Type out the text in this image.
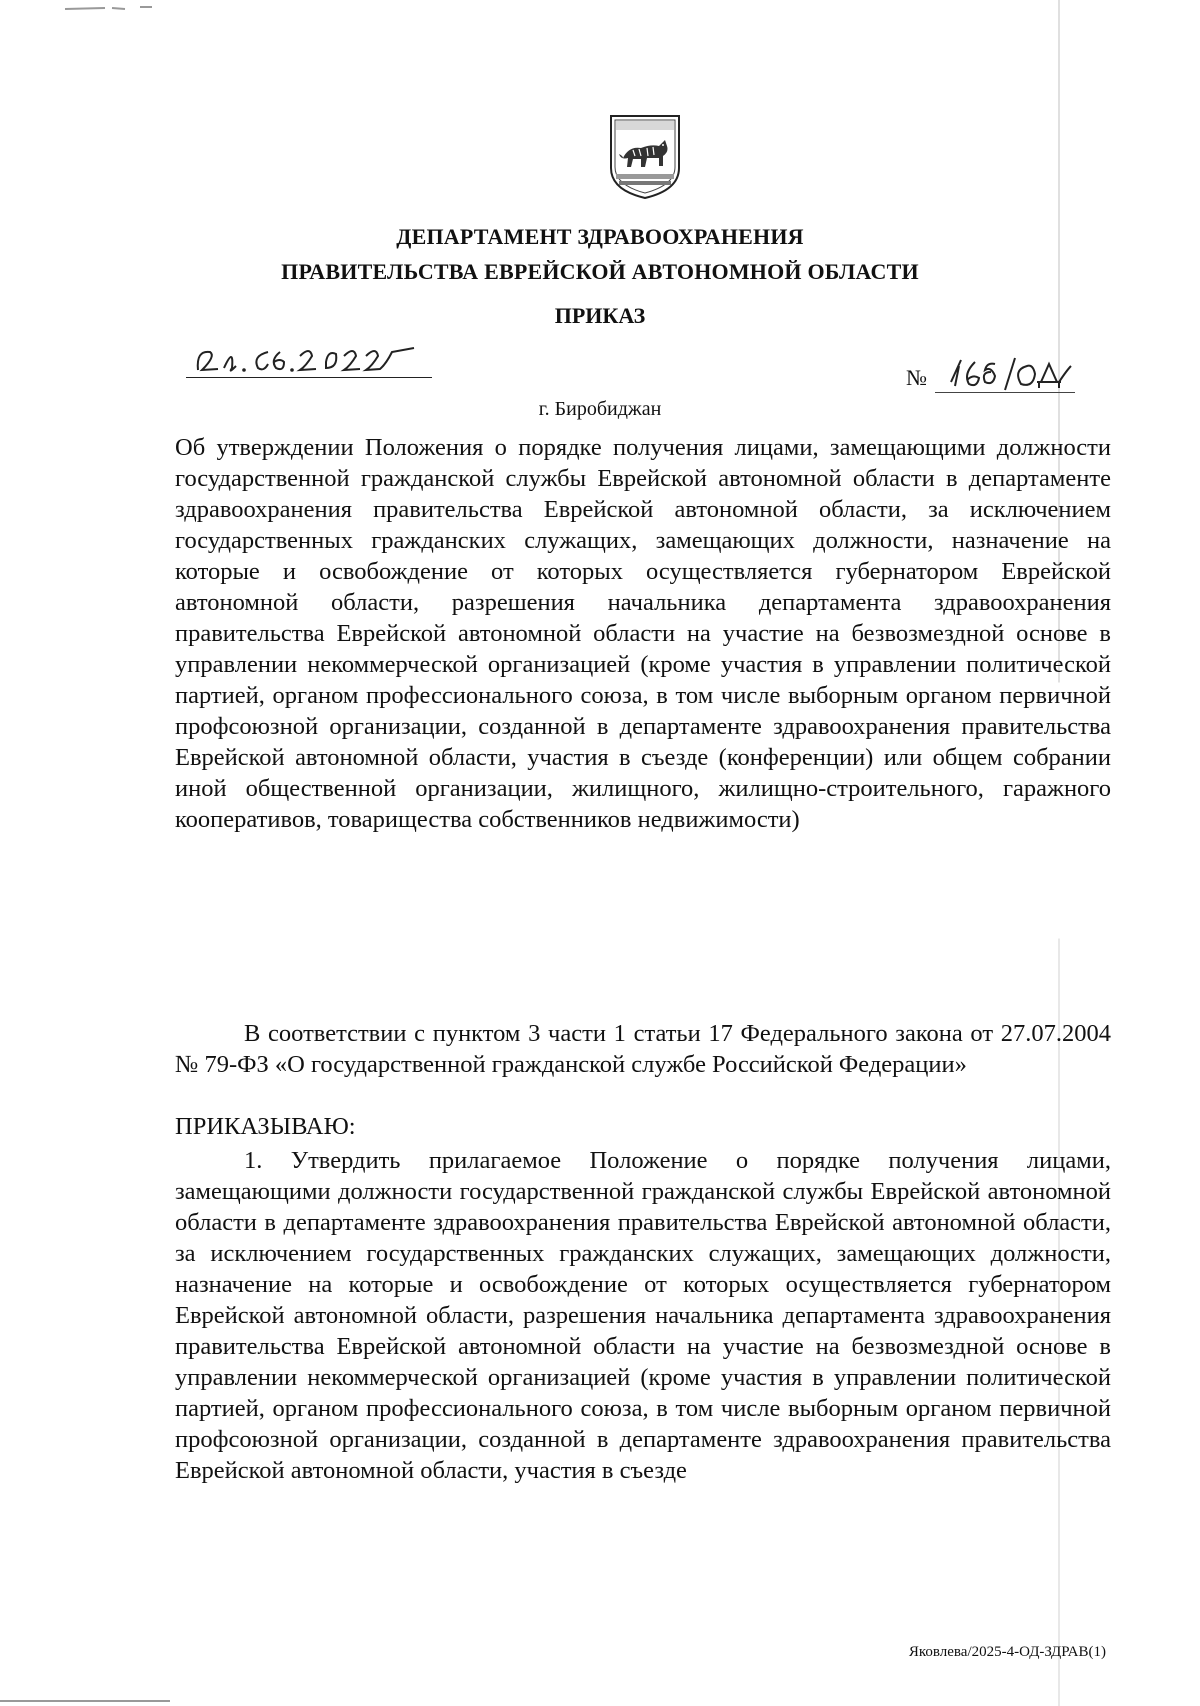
ДЕПАРТАМЕНТ ЗДРАВООХРАНЕНИЯ
ПРАВИТЕЛЬСТВА ЕВРЕЙСКОЙ АВТОНОМНОЙ ОБЛАСТИ
ПРИКАЗ
№
г. Биробиджан

Об утверждении Положения о порядке получения лицами, замещающими должности государственной гражданской службы Еврейской автономной области в департаменте здравоохранения правительства Еврейской автономной области, за исключением государственных гражданских служащих, замещающих должности, назначение на которые и освобождение от которых осуществляется губернатором Еврейской автономной области, разрешения начальника департамента здравоохранения правительства Еврейской автономной области на участие на безвозмездной основе в управлении некоммерческой организацией (кроме участия в управлении политической партией, органом профессионального союза, в том числе выборным органом первичной профсоюзной организации, созданной в департаменте здравоохранения правительства Еврейской автономной области, участия в съезде (конференции) или общем собрании иной общественной организации, жилищного, жилищно-строительного, гаражного кооперативов, товарищества собственников недвижимости)

В соответствии с пунктом 3 части 1 статьи 17 Федерального закона от 27.07.2004 № 79-ФЗ «О государственной гражданской службе Российской Федерации»

ПРИКАЗЫВАЮ:

1. Утвердить прилагаемое Положение о порядке получения лицами, замещающими должности государственной гражданской службы Еврейской автономной области в департаменте здравоохранения правительства Еврейской автономной области, за исключением государственных гражданских служащих, замещающих должности, назначение на которые и освобождение от которых осуществляется губернатором Еврейской автономной области, разрешения начальника департамента здравоохранения правительства Еврейской автономной области на участие на безвозмездной основе в управлении некоммерческой организацией (кроме участия в управлении политической партией, органом профессионального союза, в том числе выборным органом первичной профсоюзной организации, созданной в департаменте здравоохранения правительства Еврейской автономной области, участия в съезде

Яковлева/2025-4-ОД-ЗДРАВ(1)
